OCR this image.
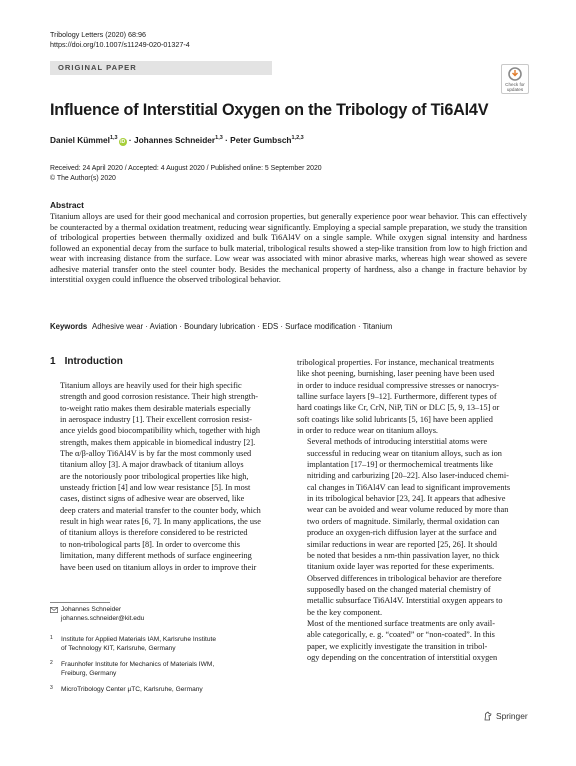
Tribology Letters (2020) 68:96
https://doi.org/10.1007/s11249-020-01327-4
ORIGINAL PAPER
Check for
updates
Influence of Interstitial Oxygen on the Tribology of Ti6Al4V
Daniel Kümmel$^{1,3}$iD · Johannes Schneider$^{1,3}$ · Peter Gumbsch$^{1,2,3}$
Received: 24 April 2020 / Accepted: 4 August 2020 / Published online: 5 September 2020
© The Author(s) 2020
Abstract
Titanium alloys are used for their good mechanical and corrosion properties, but generally experience poor wear behavior. This can effectively be counteracted by a thermal oxidation treatment, reducing wear significantly. Employing a special sample preparation, we study the transition of tribological properties between thermally oxidized and bulk Ti6Al4V on a single sample. While oxygen signal intensity and hardness followed an exponential decay from the surface to bulk material, tribological results showed a step-like transition from low to high friction and wear with increasing distance from the surface. Low wear was associated with minor abrasive marks, whereas high wear showed as severe adhesive material transfer onto the steel counter body. Besides the mechanical property of hardness, also a change in fracture behavior by interstitial oxygen could influence the observed tribological behavior.
Keywords Adhesive wear · Aviation · Boundary lubrication · EDS · Surface modification · Titanium
1 Introduction

Titanium alloys are heavily used for their high specific
strength and good corrosion resistance. Their high strength-
to-weight ratio makes them desirable materials especially
in aerospace industry [1]. Their excellent corrosion resist-
ance yields good biocompatibility which, together with high
strength, makes them appicable in biomedical industry [2].
The α/β-alloy Ti6Al4V is by far the most commonly used
titanium alloy [3]. A major drawback of titanium alloys
are the notoriously poor tribological properties like high,
unsteady friction [4] and low wear resistance [5]. In most
cases, distinct signs of adhesive wear are observed, like
deep craters and material transfer to the counter body, which
result in high wear rates [6, 7]. In many applications, the use
of titanium alloys is therefore considered to be restricted
to non-tribological parts [8]. In order to overcome this
limitation, many different methods of surface engineering
have been used on titanium alloys in order to improve their

tribological properties. For instance, mechanical treatments
like shot peening, burnishing, laser peening have been used
in order to induce residual compressive stresses or nanocrys-
talline surface layers [9–12]. Furthermore, different types of
hard coatings like Cr, CrN, NiP, TiN or DLC [5, 9, 13–15] or
soft coatings like solid lubricants [5, 16] have been applied
in order to reduce wear on titanium alloys.

Several methods of introducing interstitial atoms were
successful in reducing wear on titanium alloys, such as ion
implantation [17–19] or thermochemical treatments like
nitriding and carburizing [20–22]. Also laser-induced chemi-
cal changes in Ti6Al4V can lead to significant improvements
in its tribological behavior [23, 24]. It appears that adhesive
wear can be avoided and wear volume reduced by more than
two orders of magnitude. Similarly, thermal oxidation can
produce an oxygen-rich diffusion layer at the surface and
similar reductions in wear are reported [25, 26]. It should
be noted that besides a nm-thin passivation layer, no thick
titanium oxide layer was reported for these experiments.
Observed differences in tribological behavior are therefore
supposedly based on the changed material chemistry of
metallic subsurface Ti6Al4V. Interstitial oxygen appears to
be the key component.

Most of the mentioned surface treatments are only avail-
able categorically, e. g. “coated” or “non-coated”. In this
paper, we explicitly investigate the transition in tribol-
ogy depending on the concentration of interstitial oxygen

Johannes Schneider
johannes.schneider@kit.edu
1 Institute for Applied Materials IAM, Karlsruhe Institute
of Technology KIT, Karlsruhe, Germany
2 Fraunhofer Institute for Mechanics of Materials IWM,
Freiburg, Germany
3 MicroTribology Center µTC, Karlsruhe, Germany
Springer
